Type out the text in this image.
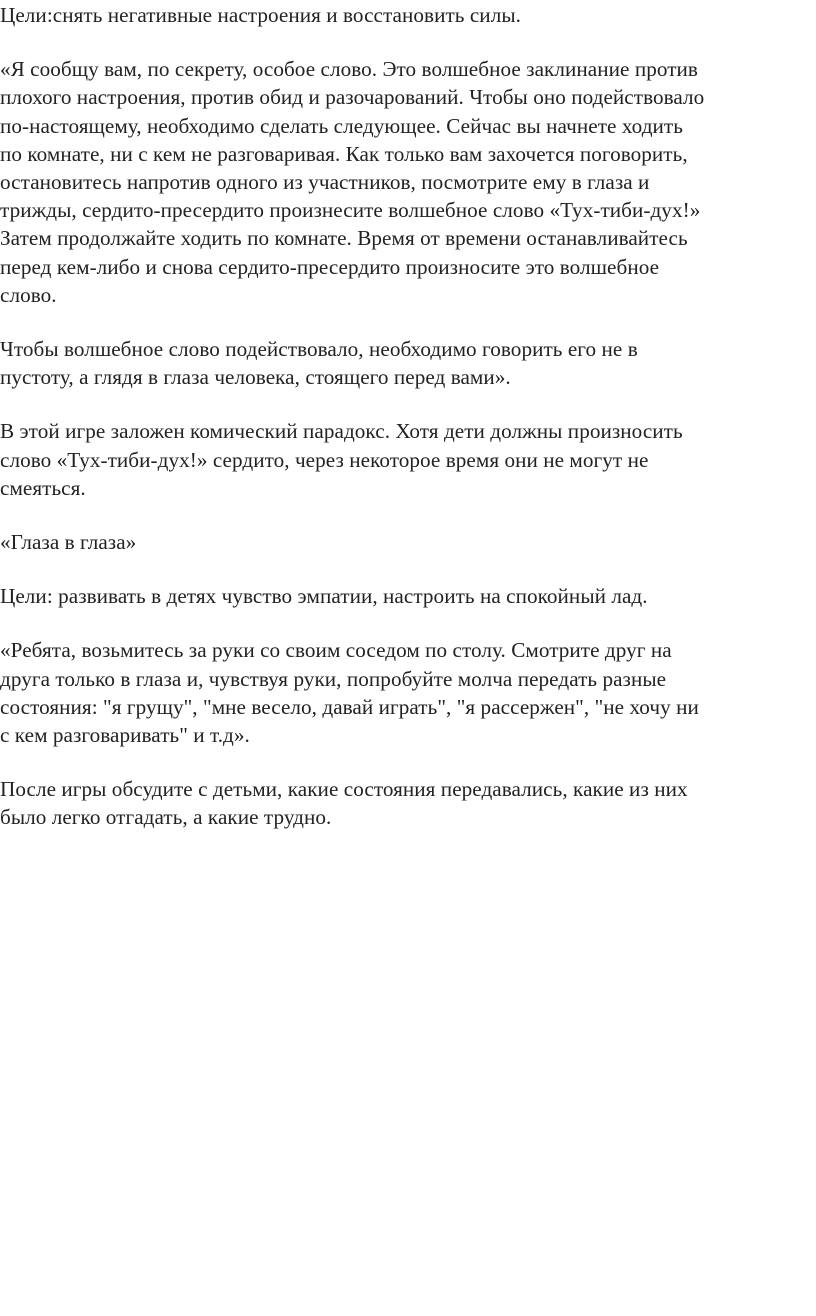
Цели:снять негативные настроения и восстановить силы.

«Я сообщу вам, по секрету, особое слово. Это волшебное заклинание против
плохого настроения, против обид и разочарований. Чтобы оно подействовало
по-настоящему, необходимо сделать следующее. Сейчас вы начнете ходить
по комнате, ни с кем не разговаривая. Как только вам захочется поговорить,
остановитесь напротив одного из участников, посмотрите ему в глаза и
трижды, сердито-пресердито произнесите волшебное слово «Тух-тиби-дух!»
Затем продолжайте ходить по комнате. Время от времени останавливайтесь
перед кем-либо и снова сердито-пресердито произносите это волшебное
слово.

Чтобы волшебное слово подействовало, необходимо говорить его не в
пустоту, а глядя в глаза человека, стоящего перед вами».

В этой игре заложен комический парадокс. Хотя дети должны произносить
слово «Тух-тиби-дух!» сердито, через некоторое время они не могут не
смеяться.

«Глаза в глаза»

Цели: развивать в детях чувство эмпатии, настроить на спокойный лад.

«Ребята, возьмитесь за руки со своим соседом по столу. Смотрите друг на
друга только в глаза и, чувствуя руки, попробуйте молча передать разные
состояния: "я грущу", "мне весело, давай играть", "я рассержен", "не хочу ни
с кем разговаривать" и т.д».

После игры обсудите с детьми, какие состояния передавались, какие из них
было легко отгадать, а какие трудно.
